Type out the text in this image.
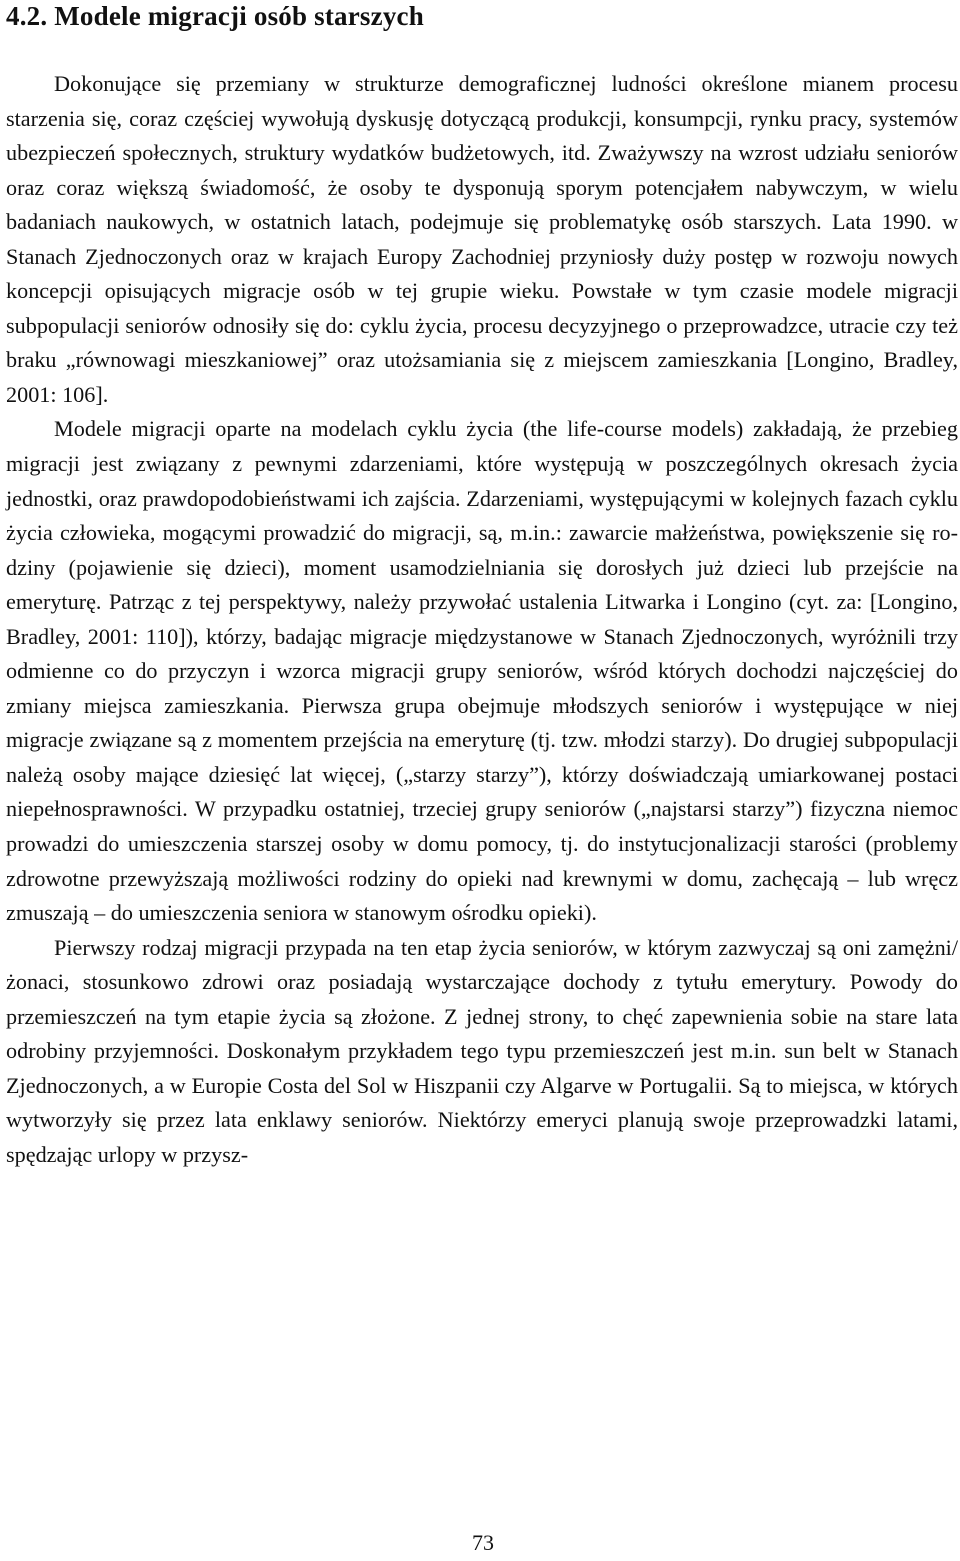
4.2. Modele migracji osób starszych

Dokonujące się przemiany w strukturze demograficznej ludności określone mianem procesu starzenia się, coraz częściej wywołują dyskusję dotyczącą produkcji, konsumpcji, rynku pracy, systemów ubezpieczeń społecznych, struktury wydatków budżetowych, itd. Zważywszy na wzrost udziału seniorów oraz coraz większą świadomość, że osoby te dysponują sporym potencjałem nabywczym, w wielu badaniach naukowych, w ostatnich latach, podejmuje się problematykę osób starszych. Lata 1990. w Stanach Zjednoczonych oraz w krajach Europy Zachodniej przyniosły duży postęp w rozwoju nowych koncepcji opisujących migracje osób w tej grupie wieku. Powstałe w tym czasie modele migracji subpopulacji seniorów odnosiły się do: cyklu życia, procesu decyzyjnego o przeprowadzce, utracie czy też braku „równowagi mieszkaniowej” oraz utożsamiania się z miejscem zamieszkania [Longino, Bradley, 2001: 106].

Modele migracji oparte na modelach cyklu życia (the life-course models) zakładają, że przebieg migracji jest związany z pewnymi zdarzeniami, które występują w poszczególnych okresach życia jednostki, oraz prawdopodobieństwami ich zajścia. Zdarzeniami, występującymi w kolejnych fazach cyklu życia człowieka, mogącymi prowadzić do migracji, są, m.in.: zawarcie małżeństwa, powiększenie się rodziny (pojawienie się dzieci), moment usamodzielniania się dorosłych już dzieci lub przejście na emeryturę. Patrząc z tej perspektywy, należy przywołać ustalenia Litwarka i Longino (cyt. za: [Longino, Bradley, 2001: 110]), którzy, badając migracje międzystanowe w Stanach Zjednoczonych, wyróżnili trzy odmienne co do przyczyn i wzorca migracji grupy seniorów, wśród których dochodzi najczęściej do zmiany miejsca zamieszkania. Pierwsza grupa obejmuje młodszych seniorów i występujące w niej migracje związane są z momentem przejścia na emeryturę (tj. tzw. młodzi starzy). Do drugiej subpopulacji należą osoby mające dziesięć lat więcej, („starzy starzy”), którzy doświadczają umiarkowanej postaci niepełnosprawności. W przypadku ostatniej, trzeciej grupy seniorów („najstarsi starzy”) fizyczna niemoc prowadzi do umieszczenia starszej osoby w domu pomocy, tj. do instytucjonalizacji starości (problemy zdrowotne przewyższają możliwości rodziny do opieki nad krewnymi w domu, zachęcają – lub wręcz zmuszają – do umieszczenia seniora w stanowym ośrodku opieki).

Pierwszy rodzaj migracji przypada na ten etap życia seniorów, w którym zazwyczaj są oni zamężni/żonaci, stosunkowo zdrowi oraz posiadają wystarczające dochody z tytułu emerytury. Powody do przemieszczeń na tym etapie życia są złożone. Z jednej strony, to chęć zapewnienia sobie na stare lata odrobiny przyjemności. Doskonałym przykładem tego typu przemieszczeń jest m.in. sun belt w Stanach Zjednoczonych, a w Europie Costa del Sol w Hiszpanii czy Algarve w Portugalii. Są to miejsca, w których wytworzyły się przez lata enklawy seniorów. Niektórzy emeryci planują swoje przeprowadzki latami, spędzając urlopy w przysz-

73
